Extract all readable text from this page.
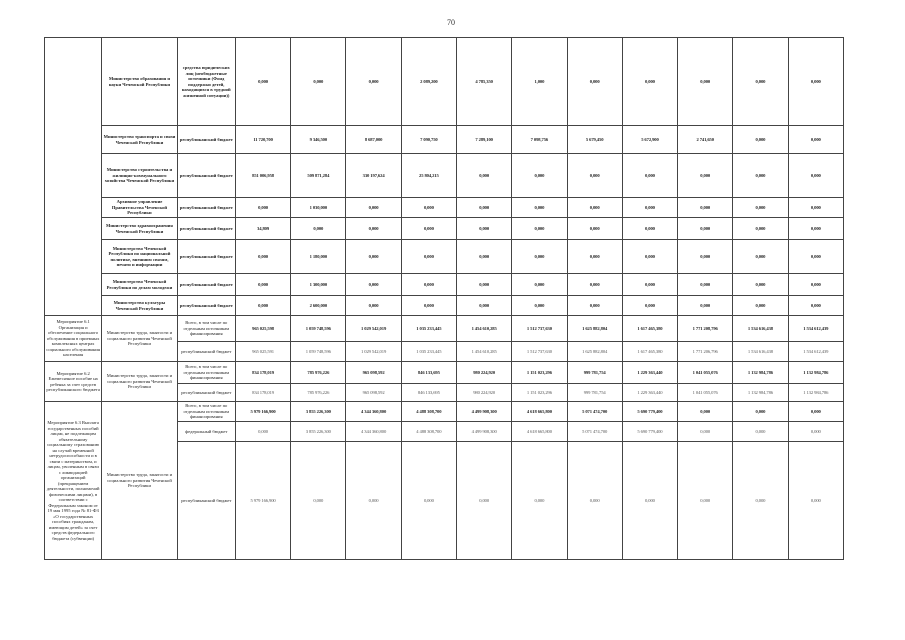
70
	Министерство образования и науки Чеченской Республики	средства юридических лиц (необюджетные источники (Фонд поддержки детей, находящихся в трудной жизненной ситуации))	0,000	0,000	0,000	2 089,200	4 785,350	1,000	0,000	0,000	0,000	0,000	0,000
	Министерство транспорта и связи Чеченской Республики	республиканский бюджет	11 720,700	9 346,500	8 687,000	7 090,750	7 289,100	7 098,756	5 679,450	5 672,900	2 741,650	0,000	0,000
	Министерство строительства и жилищно-коммунального хозяйства Чеченской Республики	республиканский бюджет	851 006,958	509 871,284	330 197,624	25 804,215	0,000	0,000	0,000	0,000	0,000	0,000	0,000
	Архивное управление Правительства Чеченской Республики	республиканский бюджет	0,000	1 030,000	0,000	0,000	0,000	0,000	0,000	0,000	0,000	0,000	0,000
	Министерство здравоохранения Чеченской Республики	республиканский бюджет	34,809	0,000	0,000	0,000	0,000	0,000	0,000	0,000	0,000	0,000	0,000
	Министерство Чеченской Республики по национальной политике, внешним связям, печати и информации	республиканский бюджет	0,000	1 180,000	0,000	0,000	0,000	0,000	0,000	0,000	0,000	0,000	0,000
	Министерство Чеченской Республики по делам молодежи	республиканский бюджет	0,000	1 300,000	0,000	0,000	0,000	0,000	0,000	0,000	0,000	0,000	0,000
	Министерство культуры Чеченской Республики	республиканский бюджет	0,000	2 600,000	0,000	0,000	0,000	0,000	0,000	0,000	0,000	0,000	0,000
Мероприятие 6.1 Организация и обеспечение социального обслуживания в приемных комплексных центрах социального обслуживания населения	Министерство труда, занятости и социального развития Чеченской Республики	Всего, в том числе по отдельным источникам финансирования	965 025,598	1 059 748,596	1 029 542,019	1 035 233,445	1 454 610,285	1 512 737,630	1 625 882,804	1 617 465,380	1 771 208,796	1 534 616,438	1 534 612,439
		республиканский бюджет	965 025,591	1 059 748,596	1 029 542,019	1 035 233,445	1 454 610,285	1 512 737,630	1 625 882,804	1 617 465,380	1 771 206,796	1 534 616,438	1 534 612,439
Мероприятие 6.2 Ежемесячное пособие на ребенка за счет средств республиканского бюджета	Министерство труда, занятости и социального развития Чеченской Республики	Всего, в том числе по отдельным источникам финансирования	834 178,019	785 976,226	965 098,592	846 133,695	980 224,920	1 151 023,296	999 781,754	1 229 363,440	1 041 055,076	1 132 984,786	1 132 984,786
		республиканский бюджет	834 178,019	785 976,226	965 098,592	846 133,695	980 224,920	1 151 023,296	999 781,754	1 229 363,440	1 041 055,076	1 132 984,786	1 132 984,786
Мероприятие 6.3 Выплата государственных пособий лицам, не подлежащим обязательному социальному страхованию на случай временной нетрудоспособности и в связи с материнством, и лицам, уволенным в связи с ликвидацией организаций (прекращением деятельности, полномочий физическими лицами), в соответствии с Федеральным законом от 19 мая 1995 года № 81-ФЗ «О государственных пособиях гражданам, имеющим детей» за счет средств федерального бюджета (субвенции)	Министерство труда, занятости и социального развития Чеченской Республики	Всего, в том числе по отдельным источникам финансирования	5 979 166,900	3 855 226,300	4 344 360,800	4 488 308,700	4 499 908,300	4 618 665,800	5 071 474,700	5 690 779,400	0,000	0,000	0,000
		федеральный бюджет	0,000	3 855 226,300	4 344 360,800	4 488 308,700	4 499 908,300	4 618 665,800	5 071 474,700	5 690 779,400	0,000	0,000	0,000
		республиканский бюджет	5 979 166,900	0,000	0,000	0,000	0,000	0,000	0,000	0,000	0,000	0,000	0,000
